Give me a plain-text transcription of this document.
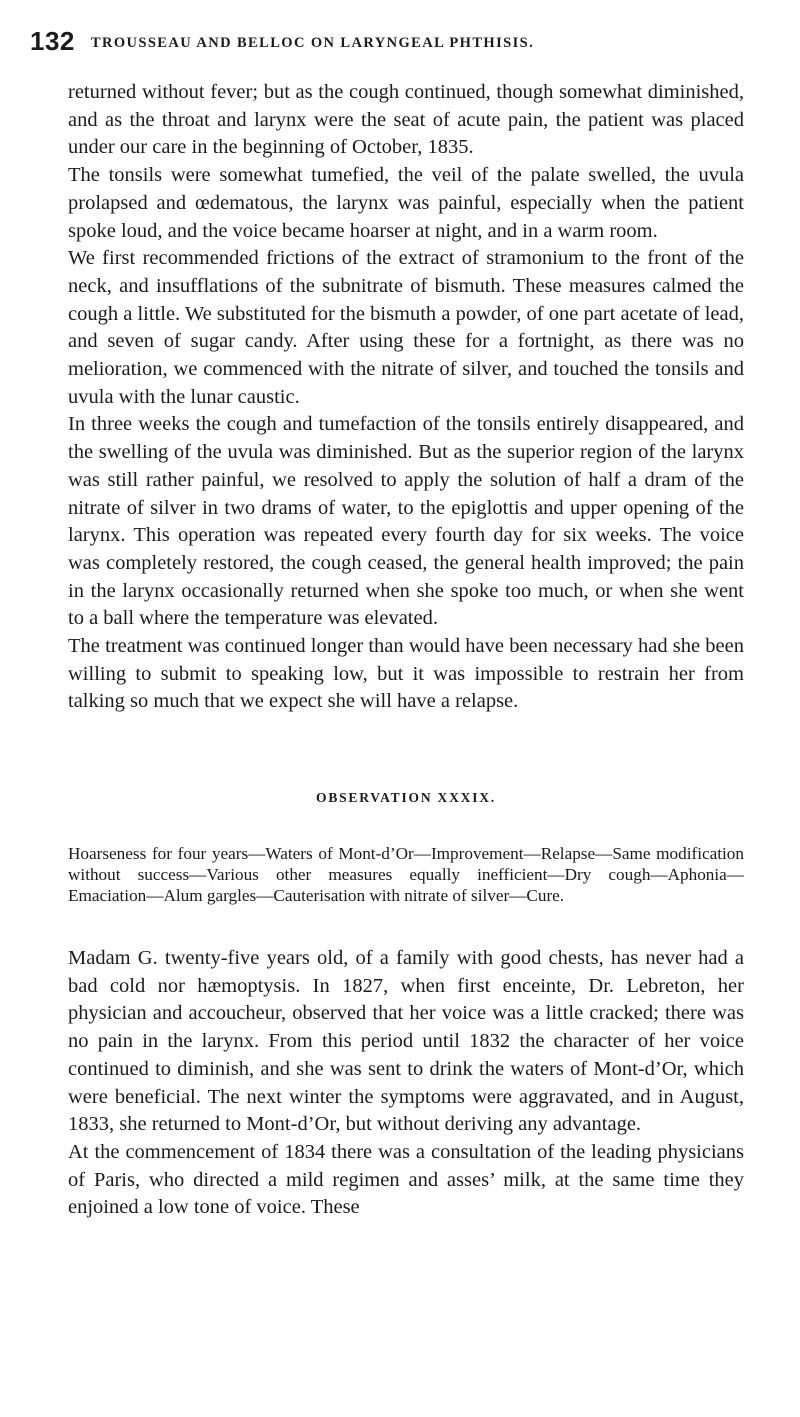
132 TROUSSEAU AND BELLOC ON LARYNGEAL PHTHISIS.

returned without fever; but as the cough continued, though somewhat diminished, and as the throat and larynx were the seat of acute pain, the patient was placed under our care in the beginning of October, 1835.

The tonsils were somewhat tumefied, the veil of the palate swelled, the uvula prolapsed and œdematous, the larynx was painful, especially when the patient spoke loud, and the voice became hoarser at night, and in a warm room.

We first recommended frictions of the extract of stramonium to the front of the neck, and insufflations of the subnitrate of bismuth. These measures calmed the cough a little. We substituted for the bismuth a powder, of one part acetate of lead, and seven of sugar candy. After using these for a fortnight, as there was no melioration, we commenced with the nitrate of silver, and touched the tonsils and uvula with the lunar caustic.

In three weeks the cough and tumefaction of the tonsils entirely disappeared, and the swelling of the uvula was diminished. But as the superior region of the larynx was still rather painful, we resolved to apply the solution of half a dram of the nitrate of silver in two drams of water, to the epiglottis and upper opening of the larynx. This operation was repeated every fourth day for six weeks. The voice was completely restored, the cough ceased, the general health improved; the pain in the larynx occasionally returned when she spoke too much, or when she went to a ball where the temperature was elevated.

The treatment was continued longer than would have been necessary had she been willing to submit to speaking low, but it was impossible to restrain her from talking so much that we expect she will have a relapse.

OBSERVATION XXXIX.
Hoarseness for four years—Waters of Mont-d’Or—Improvement—Relapse—Same modification without success—Various other measures equally inefficient—Dry cough—Aphonia—Emaciation—Alum gargles—Cauterisation with nitrate of silver—Cure.

Madam G. twenty-five years old, of a family with good chests, has never had a bad cold nor hæmoptysis. In 1827, when first enceinte, Dr. Lebreton, her physician and accoucheur, observed that her voice was a little cracked; there was no pain in the larynx. From this period until 1832 the character of her voice continued to diminish, and she was sent to drink the waters of Mont-d’Or, which were beneficial. The next winter the symptoms were aggravated, and in August, 1833, she returned to Mont-d’Or, but without deriving any advantage.

At the commencement of 1834 there was a consultation of the leading physicians of Paris, who directed a mild regimen and asses’ milk, at the same time they enjoined a low tone of voice. These
